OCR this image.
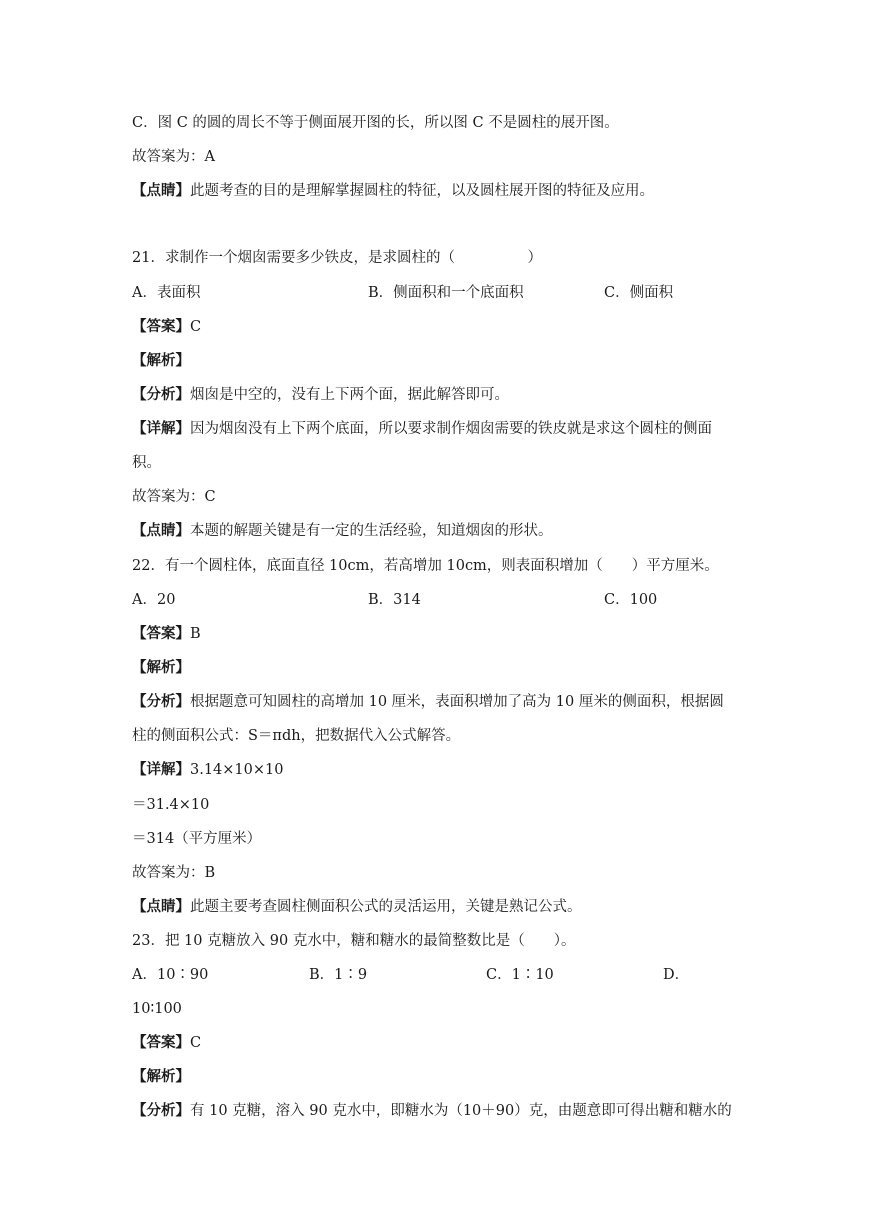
C．图 C 的圆的周长不等于侧面展开图的长，所以图 C 不是圆柱的展开图。
故答案为：A
【点睛】此题考查的目的是理解掌握圆柱的特征，以及圆柱展开图的特征及应用。
21．求制作一个烟囱需要多少铁皮，是求圆柱的（　　　　　）
A．表面积	B．侧面积和一个底面积	C．侧面积
【答案】C
【解析】
【分析】烟囱是中空的，没有上下两个面，据此解答即可。
【详解】因为烟囱没有上下两个底面，所以要求制作烟囱需要的铁皮就是求这个圆柱的侧面
积。
故答案为：C
【点睛】本题的解题关键是有一定的生活经验，知道烟囱的形状。
22．有一个圆柱体，底面直径 10cm，若高增加 10cm，则表面积增加（　　）平方厘米。
A．20	B．314	C．100
【答案】B
【解析】
【分析】根据题意可知圆柱的高增加 10 厘米，表面积增加了高为 10 厘米的侧面积，根据圆
柱的侧面积公式：S＝πdh，把数据代入公式解答。
【详解】3.14×10×10
＝31.4×10
＝314（平方厘米）
故答案为：B
【点睛】此题主要考查圆柱侧面积公式的灵活运用，关键是熟记公式。
23．把 10 克糖放入 90 克水中，糖和糖水的最简整数比是（　　）。
A．10∶90	B．1∶9	C．1∶10	D．
10∶100
【答案】C
【解析】
【分析】有 10 克糖，溶入 90 克水中，即糖水为（10＋90）克，由题意即可得出糖和糖水的
